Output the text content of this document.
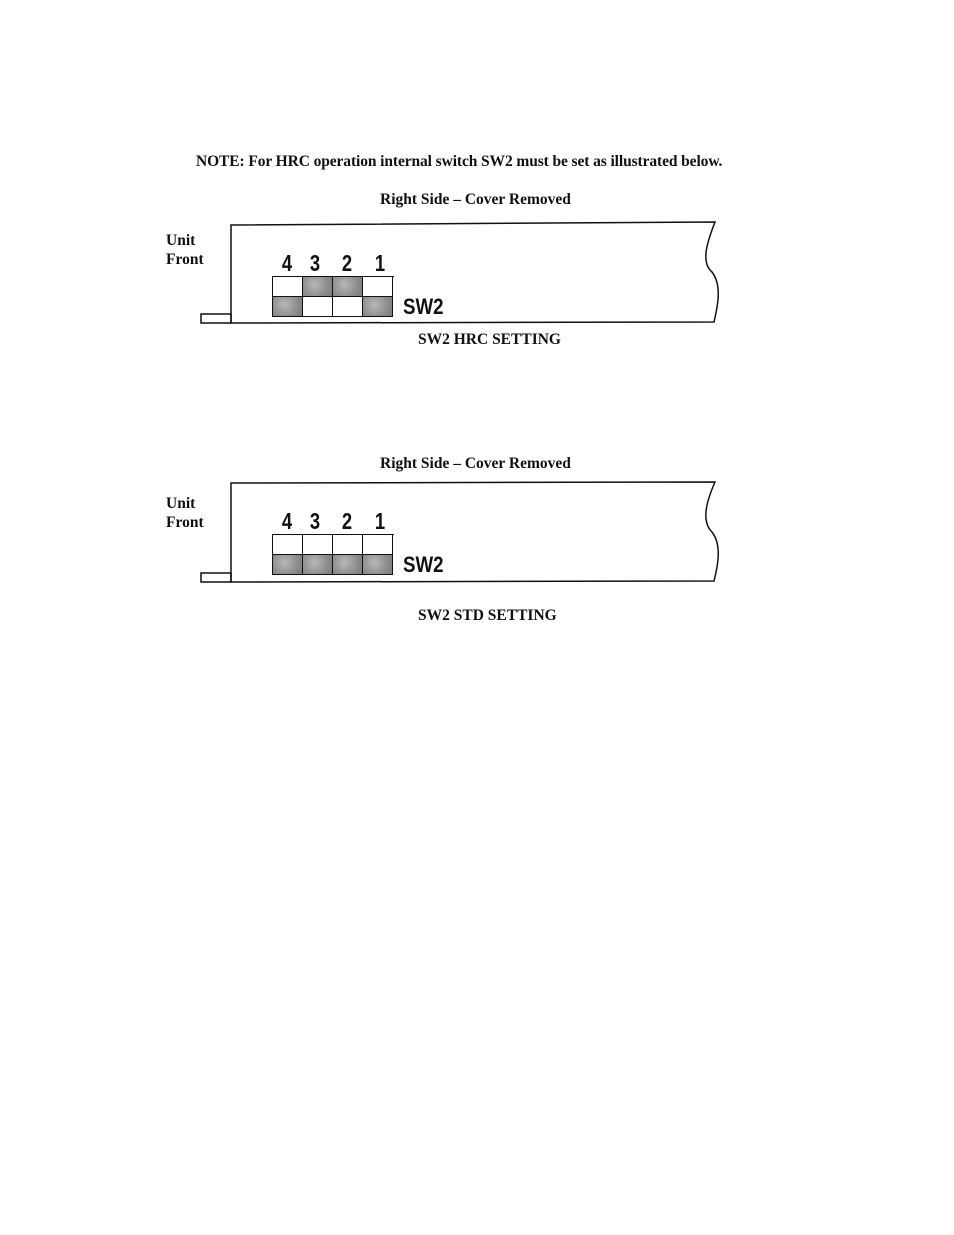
NOTE: For HRC operation internal switch SW2 must be set as illustrated below.
Right Side – Cover Removed
Unit
Front	4 3 2 1
SW2
SW2 HRC SETTING
Right Side – Cover Removed
Unit
Front	4 3 2 1
SW2
SW2 STD SETTING
